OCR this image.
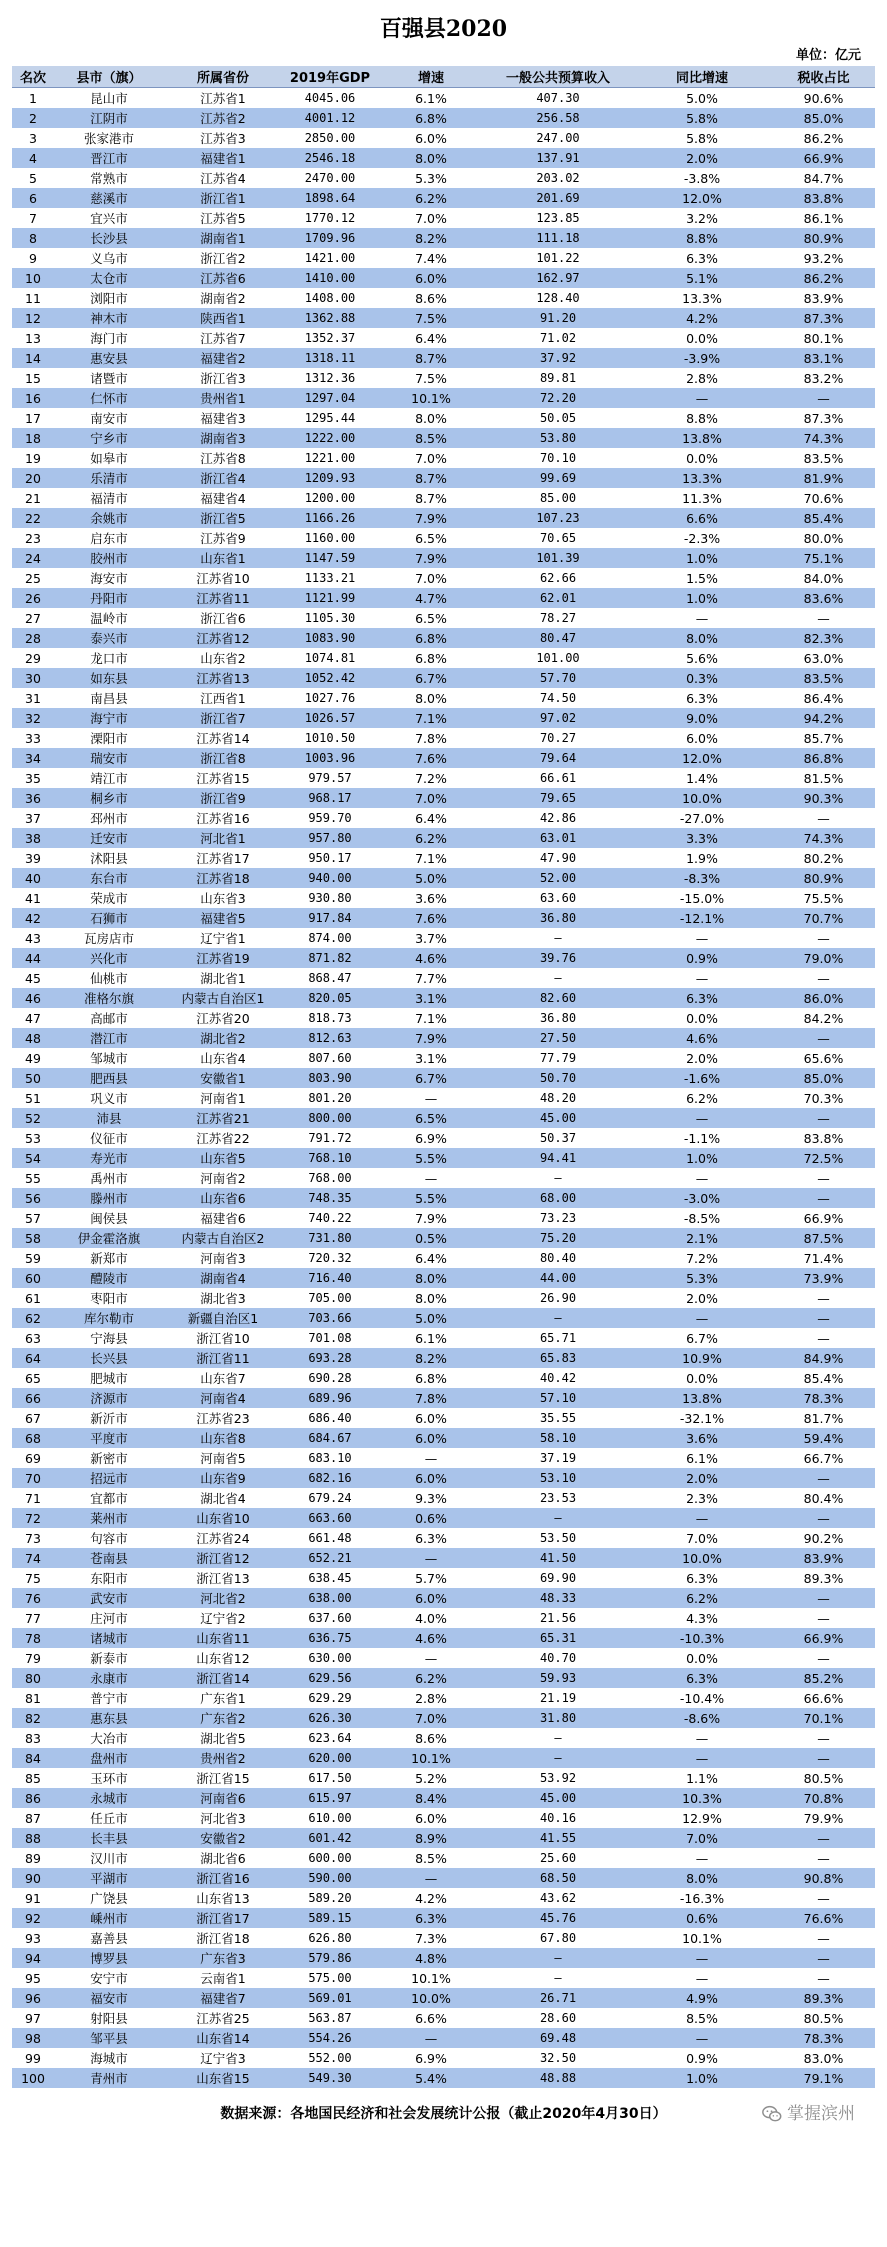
百强县2020
单位：亿元
名次	县市（旗）	所属省份	2019年GDP	增速	一般公共预算收入	同比增速	税收占比
1	昆山市	江苏省1	4045.06	6.1%	407.30	5.0%	90.6%
2	江阴市	江苏省2	4001.12	6.8%	256.58	5.8%	85.0%
3	张家港市	江苏省3	2850.00	6.0%	247.00	5.8%	86.2%
4	晋江市	福建省1	2546.18	8.0%	137.91	2.0%	66.9%
5	常熟市	江苏省4	2470.00	5.3%	203.02	-3.8%	84.7%
6	慈溪市	浙江省1	1898.64	6.2%	201.69	12.0%	83.8%
7	宜兴市	江苏省5	1770.12	7.0%	123.85	3.2%	86.1%
8	长沙县	湖南省1	1709.96	8.2%	111.18	8.8%	80.9%
9	义乌市	浙江省2	1421.00	7.4%	101.22	6.3%	93.2%
10	太仓市	江苏省6	1410.00	6.0%	162.97	5.1%	86.2%
11	浏阳市	湖南省2	1408.00	8.6%	128.40	13.3%	83.9%
12	神木市	陕西省1	1362.88	7.5%	91.20	4.2%	87.3%
13	海门市	江苏省7	1352.37	6.4%	71.02	0.0%	80.1%
14	惠安县	福建省2	1318.11	8.7%	37.92	-3.9%	83.1%
15	诸暨市	浙江省3	1312.36	7.5%	89.81	2.8%	83.2%
16	仁怀市	贵州省1	1297.04	10.1%	72.20	—	—
17	南安市	福建省3	1295.44	8.0%	50.05	8.8%	87.3%
18	宁乡市	湖南省3	1222.00	8.5%	53.80	13.8%	74.3%
19	如皋市	江苏省8	1221.00	7.0%	70.10	0.0%	83.5%
20	乐清市	浙江省4	1209.93	8.7%	99.69	13.3%	81.9%
21	福清市	福建省4	1200.00	8.7%	85.00	11.3%	70.6%
22	余姚市	浙江省5	1166.26	7.9%	107.23	6.6%	85.4%
23	启东市	江苏省9	1160.00	6.5%	70.65	-2.3%	80.0%
24	胶州市	山东省1	1147.59	7.9%	101.39	1.0%	75.1%
25	海安市	江苏省10	1133.21	7.0%	62.66	1.5%	84.0%
26	丹阳市	江苏省11	1121.99	4.7%	62.01	1.0%	83.6%
27	温岭市	浙江省6	1105.30	6.5%	78.27	—	—
28	泰兴市	江苏省12	1083.90	6.8%	80.47	8.0%	82.3%
29	龙口市	山东省2	1074.81	6.8%	101.00	5.6%	63.0%
30	如东县	江苏省13	1052.42	6.7%	57.70	0.3%	83.5%
31	南昌县	江西省1	1027.76	8.0%	74.50	6.3%	86.4%
32	海宁市	浙江省7	1026.57	7.1%	97.02	9.0%	94.2%
33	溧阳市	江苏省14	1010.50	7.8%	70.27	6.0%	85.7%
34	瑞安市	浙江省8	1003.96	7.6%	79.64	12.0%	86.8%
35	靖江市	江苏省15	979.57	7.2%	66.61	1.4%	81.5%
36	桐乡市	浙江省9	968.17	7.0%	79.65	10.0%	90.3%
37	邳州市	江苏省16	959.70	6.4%	42.86	-27.0%	—
38	迁安市	河北省1	957.80	6.2%	63.01	3.3%	74.3%
39	沭阳县	江苏省17	950.17	7.1%	47.90	1.9%	80.2%
40	东台市	江苏省18	940.00	5.0%	52.00	-8.3%	80.9%
41	荣成市	山东省3	930.80	3.6%	63.60	-15.0%	75.5%
42	石狮市	福建省5	917.84	7.6%	36.80	-12.1%	70.7%
43	瓦房店市	辽宁省1	874.00	3.7%	—	—	—
44	兴化市	江苏省19	871.82	4.6%	39.76	0.9%	79.0%
45	仙桃市	湖北省1	868.47	7.7%	—	—	—
46	准格尔旗	内蒙古自治区1	820.05	3.1%	82.60	6.3%	86.0%
47	高邮市	江苏省20	818.73	7.1%	36.80	0.0%	84.2%
48	潜江市	湖北省2	812.63	7.9%	27.50	4.6%	—
49	邹城市	山东省4	807.60	3.1%	77.79	2.0%	65.6%
50	肥西县	安徽省1	803.90	6.7%	50.70	-1.6%	85.0%
51	巩义市	河南省1	801.20	—	48.20	6.2%	70.3%
52	沛县	江苏省21	800.00	6.5%	45.00	—	—
53	仪征市	江苏省22	791.72	6.9%	50.37	-1.1%	83.8%
54	寿光市	山东省5	768.10	5.5%	94.41	1.0%	72.5%
55	禹州市	河南省2	768.00	—	—	—	—
56	滕州市	山东省6	748.35	5.5%	68.00	-3.0%	—
57	闽侯县	福建省6	740.22	7.9%	73.23	-8.5%	66.9%
58	伊金霍洛旗	内蒙古自治区2	731.80	0.5%	75.20	2.1%	87.5%
59	新郑市	河南省3	720.32	6.4%	80.40	7.2%	71.4%
60	醴陵市	湖南省4	716.40	8.0%	44.00	5.3%	73.9%
61	枣阳市	湖北省3	705.00	8.0%	26.90	2.0%	—
62	库尔勒市	新疆自治区1	703.66	5.0%	—	—	—
63	宁海县	浙江省10	701.08	6.1%	65.71	6.7%	—
64	长兴县	浙江省11	693.28	8.2%	65.83	10.9%	84.9%
65	肥城市	山东省7	690.28	6.8%	40.42	0.0%	85.4%
66	济源市	河南省4	689.96	7.8%	57.10	13.8%	78.3%
67	新沂市	江苏省23	686.40	6.0%	35.55	-32.1%	81.7%
68	平度市	山东省8	684.67	6.0%	58.10	3.6%	59.4%
69	新密市	河南省5	683.10	—	37.19	6.1%	66.7%
70	招远市	山东省9	682.16	6.0%	53.10	2.0%	—
71	宜都市	湖北省4	679.24	9.3%	23.53	2.3%	80.4%
72	莱州市	山东省10	663.60	0.6%	—	—	—
73	句容市	江苏省24	661.48	6.3%	53.50	7.0%	90.2%
74	苍南县	浙江省12	652.21	—	41.50	10.0%	83.9%
75	东阳市	浙江省13	638.45	5.7%	69.90	6.3%	89.3%
76	武安市	河北省2	638.00	6.0%	48.33	6.2%	—
77	庄河市	辽宁省2	637.60	4.0%	21.56	4.3%	—
78	诸城市	山东省11	636.75	4.6%	65.31	-10.3%	66.9%
79	新泰市	山东省12	630.00	—	40.70	0.0%	—
80	永康市	浙江省14	629.56	6.2%	59.93	6.3%	85.2%
81	普宁市	广东省1	629.29	2.8%	21.19	-10.4%	66.6%
82	惠东县	广东省2	626.30	7.0%	31.80	-8.6%	70.1%
83	大冶市	湖北省5	623.64	8.6%	—	—	—
84	盘州市	贵州省2	620.00	10.1%	—	—	—
85	玉环市	浙江省15	617.50	5.2%	53.92	1.1%	80.5%
86	永城市	河南省6	615.97	8.4%	45.00	10.3%	70.8%
87	任丘市	河北省3	610.00	6.0%	40.16	12.9%	79.9%
88	长丰县	安徽省2	601.42	8.9%	41.55	7.0%	—
89	汉川市	湖北省6	600.00	8.5%	25.60	—	—
90	平湖市	浙江省16	590.00	—	68.50	8.0%	90.8%
91	广饶县	山东省13	589.20	4.2%	43.62	-16.3%	—
92	嵊州市	浙江省17	589.15	6.3%	45.76	0.6%	76.6%
93	嘉善县	浙江省18	626.80	7.3%	67.80	10.1%	—
94	博罗县	广东省3	579.86	4.8%	—	—	—
95	安宁市	云南省1	575.00	10.1%	—	—	—
96	福安市	福建省7	569.01	10.0%	26.71	4.9%	89.3%
97	射阳县	江苏省25	563.87	6.6%	28.60	8.5%	80.5%
98	邹平县	山东省14	554.26	—	69.48	—	78.3%
99	海城市	辽宁省3	552.00	6.9%	32.50	0.9%	83.0%
100	青州市	山东省15	549.30	5.4%	48.88	1.0%	79.1%
数据来源：各地国民经济和社会发展统计公报（截止2020年4月30日）	掌握滨州
